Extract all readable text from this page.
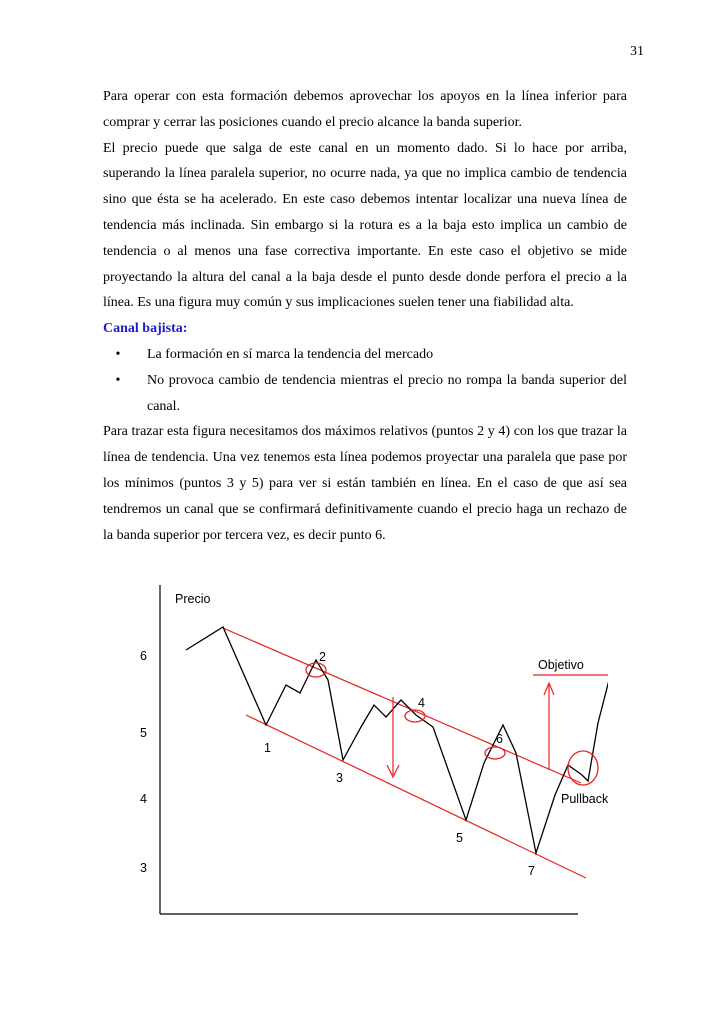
31

Para operar con esta formación debemos aprovechar los apoyos en la línea inferior para comprar y cerrar las posiciones cuando el precio alcance la banda superior.

El precio puede que salga de este canal en un momento dado. Si lo hace por arriba, superando la línea paralela superior, no ocurre nada, ya que no implica cambio de tendencia sino que ésta se ha acelerado. En este caso debemos intentar localizar una nueva línea de tendencia más inclinada. Sin embargo si la rotura es a la baja esto implica un cambio de tendencia o al menos una fase correctiva importante. En este caso el objetivo se mide proyectando la altura del canal a la baja desde el punto desde donde perfora el precio a la línea. Es una figura muy común y sus implicaciones suelen tener una fiabilidad alta.

Canal bajista:

•	La formación en sí marca la tendencia del mercado
•	No provoca cambio de tendencia mientras el precio no rompa la banda superior del canal.

Para trazar esta figura necesitamos dos máximos relativos (puntos 2 y 4) con los que trazar la línea de tendencia. Una vez tenemos esta línea podemos proyectar una paralela que pase por los mínimos (puntos 3 y 5) para ver si están también en línea. En el caso de que así sea tendremos un canal que se confirmará definitivamente cuando el precio haga un rechazo de la banda superior por tercera vez, es decir punto 6.

Precio
6
5
4
3
1
2
3
4
5
6
7
Objetivo
Pullback
